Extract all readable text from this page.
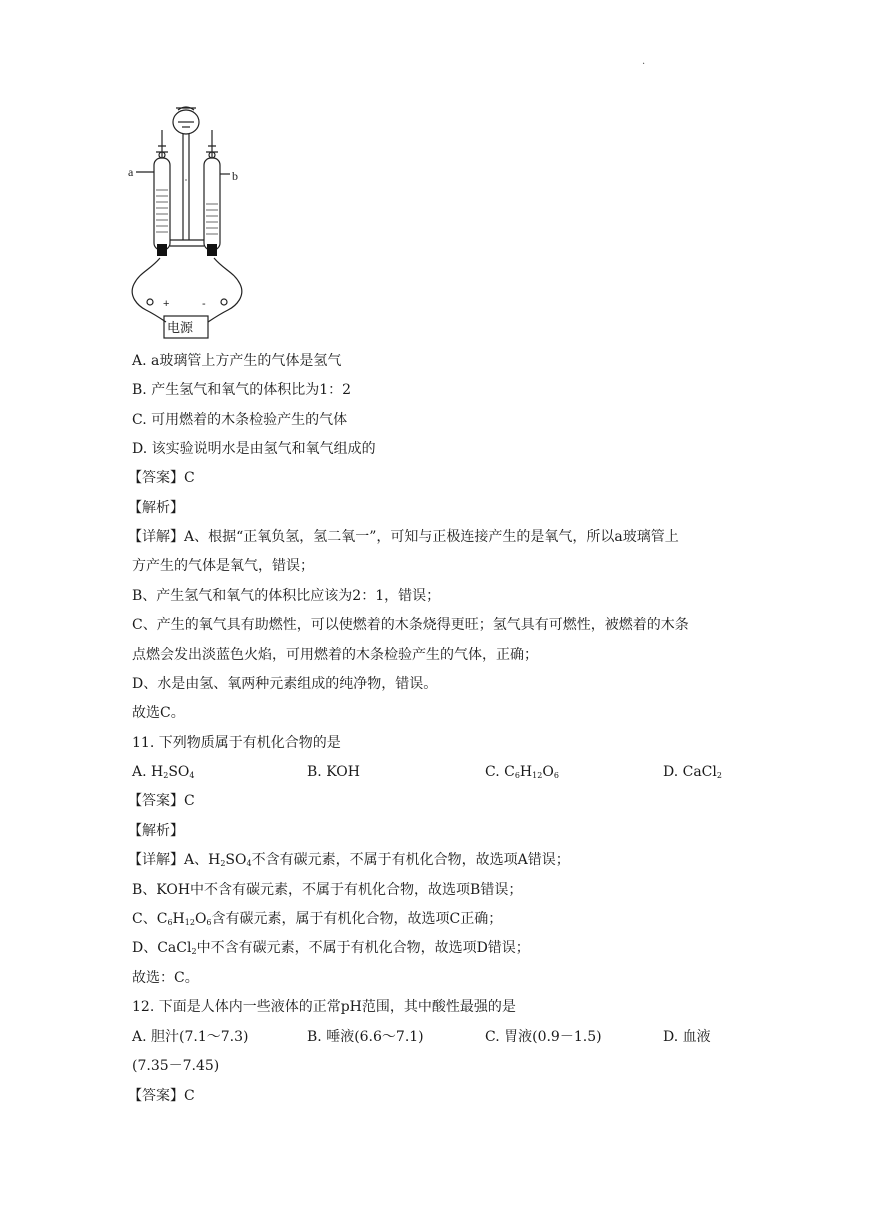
.
a	b
+	-
电源
A. a玻璃管上方产生的气体是氢气
B. 产生氢气和氧气的体积比为1：2
C. 可用燃着的木条检验产生的气体
D. 该实验说明水是由氢气和氧气组成的
【答案】C
【解析】
【详解】A、根据“正氧负氢，氢二氧一”，可知与正极连接产生的是氧气，所以a玻璃管上
方产生的气体是氧气，错误；
B、产生氢气和氧气的体积比应该为2：1，错误；
C、产生的氧气具有助燃性，可以使燃着的木条烧得更旺；氢气具有可燃性，被燃着的木条
点燃会发出淡蓝色火焰，可用燃着的木条检验产生的气体，正确；
D、水是由氢、氧两种元素组成的纯净物，错误。
故选C。
11. 下列物质属于有机化合物的是
A. $H_2SO_4$	B. KOH	C. $C_6H_{12}O_6$	D. CaCl$_2$
【答案】C
【解析】
【详解】A、$H_2SO_4$不含有碳元素，不属于有机化合物，故选项A错误；
B、KOH中不含有碳元素，不属于有机化合物，故选项B错误；
C、$C_6H_{12}O_6$含有碳元素，属于有机化合物，故选项C正确；
D、CaCl$_2$中不含有碳元素，不属于有机化合物，故选项D错误；
故选：C。
12. 下面是人体内一些液体的正常pH范围，其中酸性最强的是
A. 胆汁(7.1～7.3)	B. 唾液(6.6～7.1)	C. 胃液(0.9－1.5)	D. 血液
(7.35－7.45)
【答案】C
